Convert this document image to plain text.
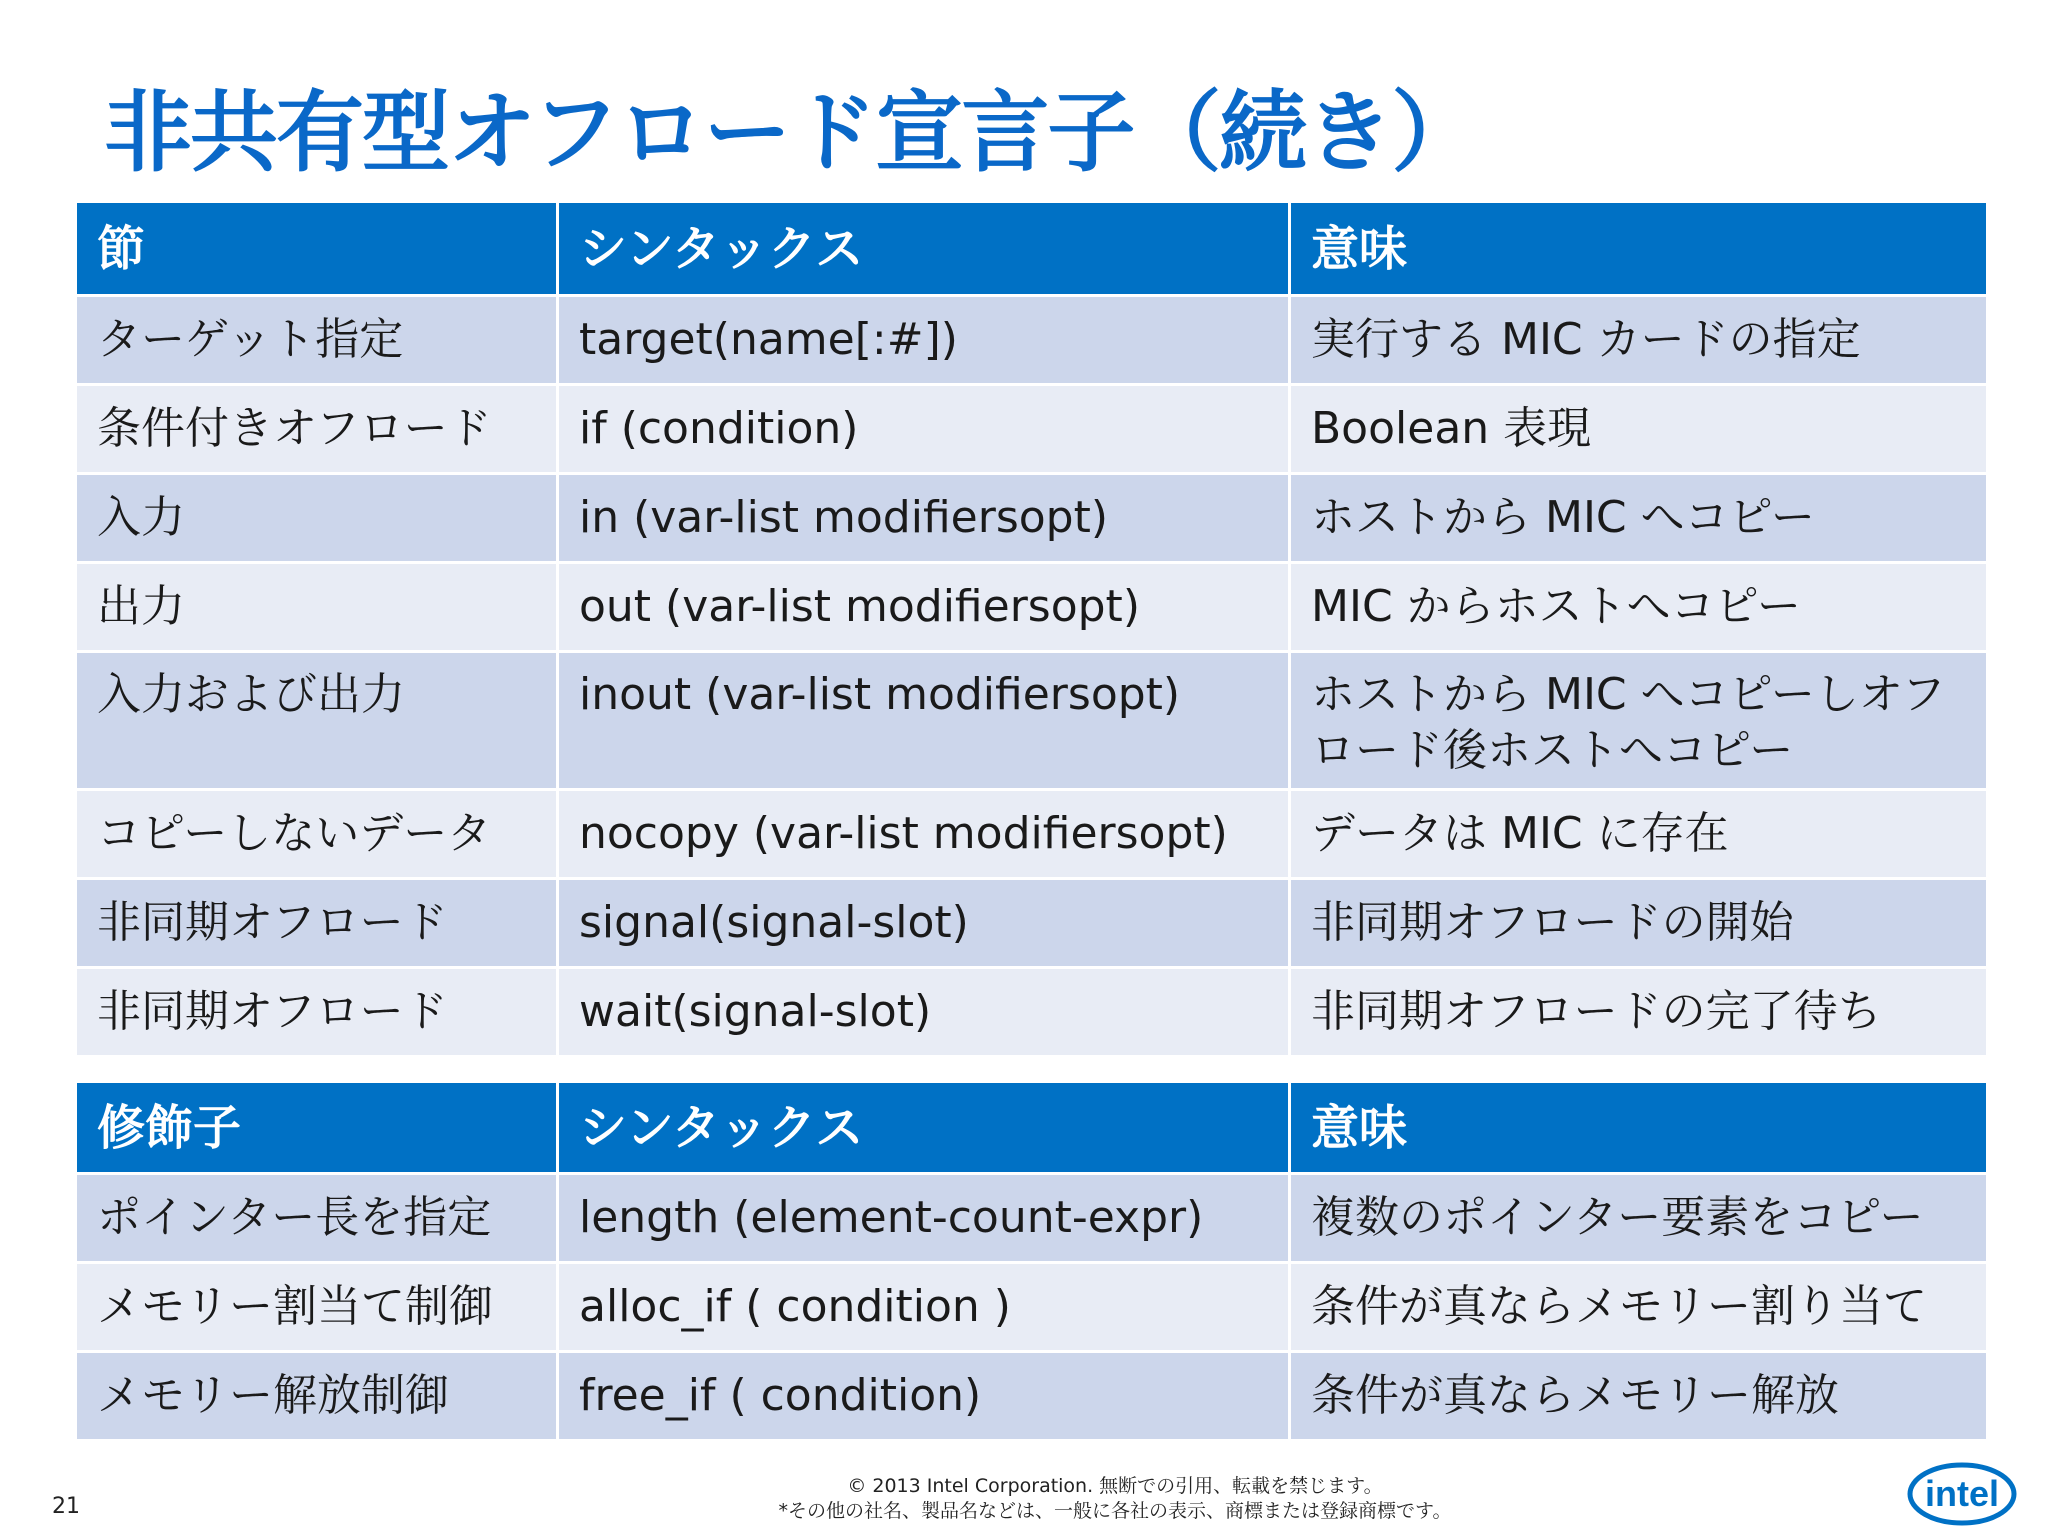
非共有型オフロード宣言子（続き）
節	シンタックス	意味
ターゲット指定	target(name[:#])	実行する MIC カードの指定
条件付きオフロード	if (condition)	Boolean 表現
入力	in (var-list modifiersopt)	ホストから MIC へコピー
出力	out (var-list modifiersopt)	MIC からホストへコピー
入力および出力	inout (var-list modifiersopt)	ホストから MIC へコピーしオフロード後ホストへコピー
コピーしないデータ	nocopy (var-list modifiersopt)	データは MIC に存在
非同期オフロード	signal(signal-slot)	非同期オフロードの開始
非同期オフロード	wait(signal-slot)	非同期オフロードの完了待ち
修飾子	シンタックス	意味
ポインター長を指定	length (element-count-expr)	複数のポインター要素をコピー
メモリー割当て制御	alloc_if ( condition )	条件が真ならメモリー割り当て
メモリー解放制御	free_if ( condition)	条件が真ならメモリー解放
21
© 2013 Intel Corporation. 無断での引用、転載を禁じます。
*その他の社名、製品名などは、一般に各社の表示、商標または登録商標です。	intel
